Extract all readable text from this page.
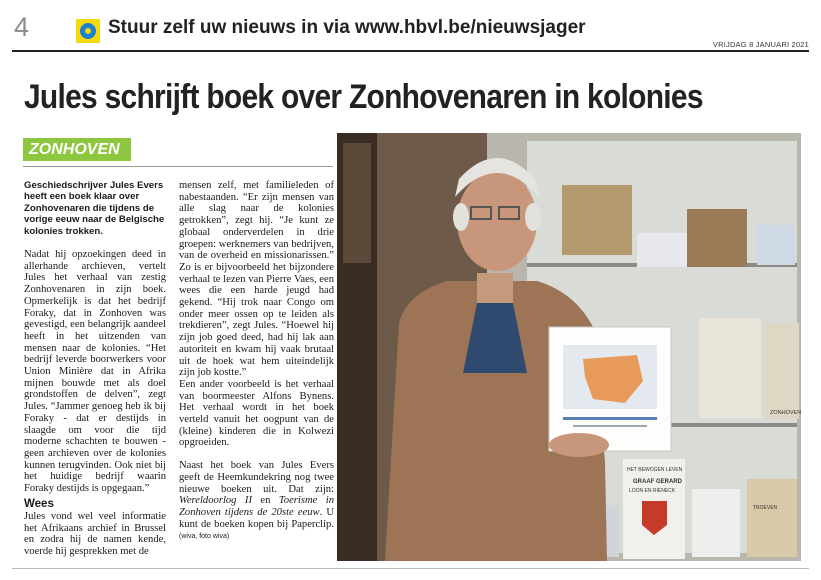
4	Stuur zelf uw nieuws in via www.hbvl.be/nieuwsjager
VRIJDAG 8 JANUARI 2021
Jules schrijft boek over Zonhovenaren in kolonies
ZONHOVEN
Geschiedschrijver Jules Evers heeft een boek klaar over Zonhovenaren die tijdens de vorige eeuw naar de Belgische kolonies trokken.

Nadat hij opzoekingen deed in allerhande archieven, vertelt Jules het verhaal van zestig Zonhovenaren in zijn boek. Opmerkelijk is dat het bedrijf Foraky, dat in Zonhoven was gevestigd, een belangrijk aandeel heeft in het uitzenden van mensen naar de kolonies. “Het bedrijf leverde boorwerkers voor Union Minière dat in Afrika mijnen bouwde met als doel grondstoffen de delven”, zegt Jules. “Jammer genoeg heb ik bij Foraky - dat er destijds in slaagde om voor die tijd moderne schachten te bouwen - geen archieven over de kolonies kunnen terugvinden. Ook niet bij het huidige bedrijf waarin Foraky destijds is opgegaan.”

Wees

Jules vond wel veel informatie het Afrikaans archief in Brussel en zodra hij de namen kende, voerde hij gesprekken met de

mensen zelf, met familieleden of nabestaanden. “Er zijn mensen van alle slag naar de kolonies getrokken”, zegt hij. “Je kunt ze globaal onderverdelen in drie groepen: werknemers van bedrijven, van de overheid en missionarissen.” Zo is er bijvoorbeeld het bijzondere verhaal te lezen van Pierre Vaes, een wees die een harde jeugd had gekend. “Hij trok naar Congo om onder meer ossen op te leiden als trekdieren”, zegt Jules. “Hoewel hij zijn job goed deed, had hij lak aan autoriteit en kwam hij vaak brutaal uit de hoek wat hem uiteindelijk zijn job kostte.”

Een ander voorbeeld is het verhaal van boormeester Alfons Bynens. Het verhaal wordt in het boek verteld vanuit het oogpunt van de (kleine) kinderen die in Kolwezi opgroeiden.

Naast het boek van Jules Evers geeft de Heemkundekring nog twee nieuwe boeken uit. Dat zijn: Wereldoorlog II en Toerisme in Zonhoven tijdens de 20ste eeuw. U kunt de boeken kopen bij Paperclip. (wiva, foto wiva)

ZONHOVEN
HET BEWOGEN LEVEN
GRAAF GERARD
LOON EN RIENECK
TROEVEN
